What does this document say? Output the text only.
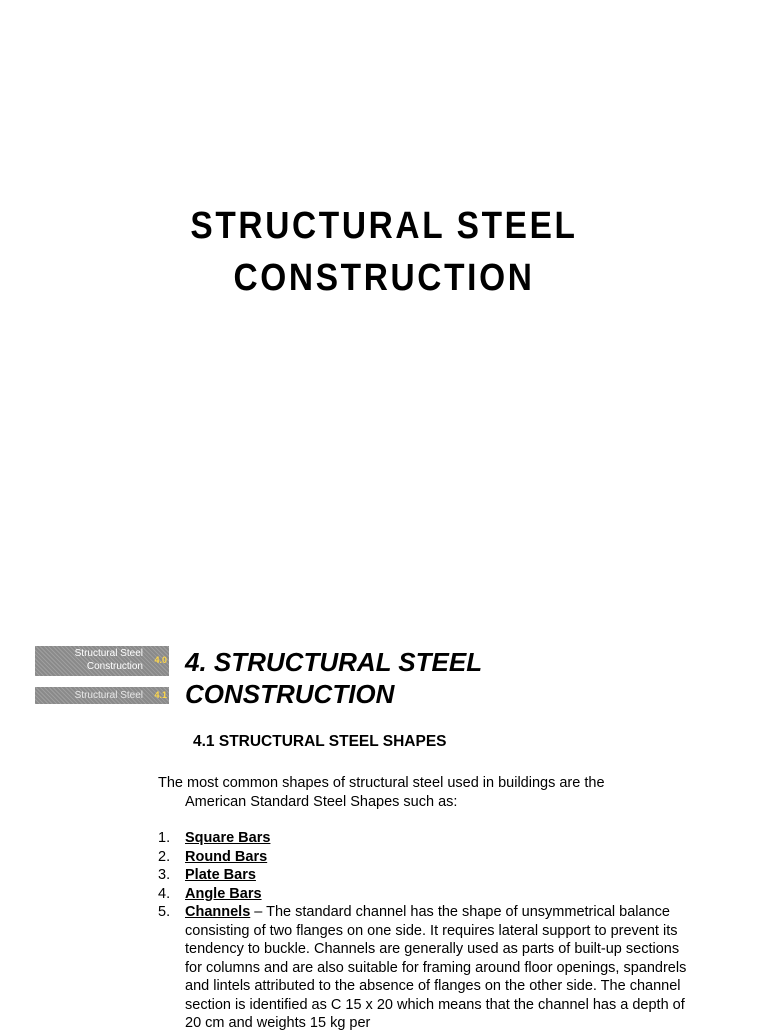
STRUCTURAL STEEL
CONSTRUCTION
Structural Steel
Construction
4.0
Structural Steel 4.1
4. STRUCTURAL STEEL
CONSTRUCTION
4.1 STRUCTURAL STEEL SHAPES
The most common shapes of structural steel used in buildings are the
American Standard Steel Shapes such as:
1. Square Bars
2. Round Bars
3. Plate Bars
4. Angle Bars
5. Channels – The standard channel has the shape of unsymmetrical balance consisting of two flanges on one side. It requires lateral support to prevent its tendency to buckle. Channels are generally used as parts of built-up sections for columns and are also suitable for framing around floor openings, spandrels and lintels attributed to the absence of flanges on the other side. The channel section is identified as C 15 x 20 which means that the channel has a depth of 20 cm and weights 15 kg per
